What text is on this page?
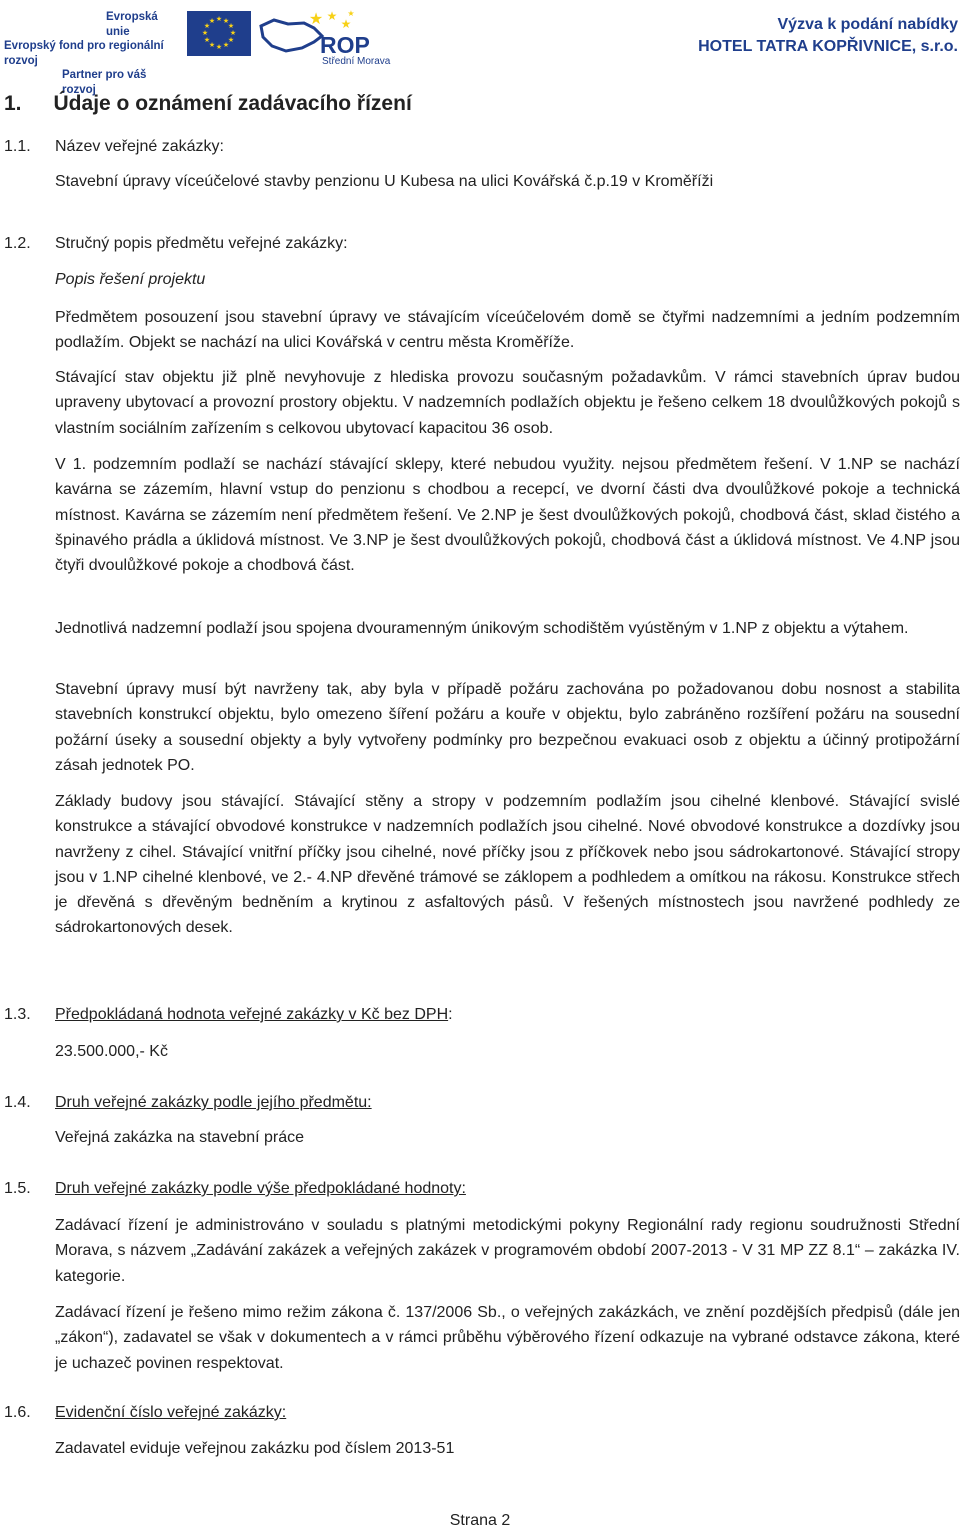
Evropská unie
Evropský fond pro regionální rozvoj
Partner pro váš rozvoj
★ ★
★
★
★
★
★
★
★
★
★
★	★ ★
★
★
ROP
Střední Morava
Výzva k podání nabídky
HOTEL TATRA KOPŘIVNICE, s.r.o.
1. Údaje o oznámení zadávacího řízení
1.1. Název veřejné zakázky:
Stavební úpravy víceúčelové stavby penzionu U Kubesa na ulici Kovářská č.p.19 v Kroměříži
1.2. Stručný popis předmětu veřejné zakázky:
Popis řešení projektu
Předmětem posouzení jsou stavební úpravy ve stávajícím víceúčelovém domě se čtyřmi nadzemními a jedním podzemním podlažím. Objekt se nachází na ulici Kovářská v centru města Kroměříže.
Stávající stav objektu již plně nevyhovuje z hlediska provozu současným požadavkům. V rámci stavebních úprav budou upraveny ubytovací a provozní prostory objektu. V nadzemních podlažích objektu je řešeno celkem 18 dvoulůžkových pokojů s vlastním sociálním zařízením s celkovou ubytovací kapacitou 36 osob.
V 1. podzemním podlaží se nachází stávající sklepy, které nebudou využity. nejsou předmětem řešení. V 1.NP se nachází kavárna se zázemím, hlavní vstup do penzionu s chodbou a recepcí, ve dvorní části dva dvoulůžkové pokoje a technická místnost. Kavárna se zázemím není předmětem řešení. Ve 2.NP je šest dvoulůžkových pokojů, chodbová část, sklad čistého a špinavého prádla a úklidová místnost. Ve 3.NP je šest dvoulůžkových pokojů, chodbová část a úklidová místnost. Ve 4.NP jsou čtyři dvoulůžkové pokoje a chodbová část.
Jednotlivá nadzemní podlaží jsou spojena dvouramenným únikovým schodištěm vyústěným v 1.NP z objektu a výtahem.
Stavební úpravy musí být navrženy tak, aby byla v případě požáru zachována po požadovanou dobu nosnost a stabilita stavebních konstrukcí objektu, bylo omezeno šíření požáru a kouře v objektu, bylo zabráněno rozšíření požáru na sousední požární úseky a sousední objekty a byly vytvořeny podmínky pro bezpečnou evakuaci osob z objektu a účinný protipožární zásah jednotek PO.
Základy budovy jsou stávající. Stávající stěny a stropy v podzemním podlažím jsou cihelné klenbové. Stávající svislé konstrukce a stávající obvodové konstrukce v nadzemních podlažích jsou cihelné. Nové obvodové konstrukce a dozdívky jsou navrženy z cihel. Stávající vnitřní příčky jsou cihelné, nové příčky jsou z příčkovek nebo jsou sádrokartonové. Stávající stropy jsou v 1.NP cihelné klenbové, ve 2.- 4.NP dřevěné trámové se záklopem a podhledem a omítkou na rákosu. Konstrukce střech je dřevěná s dřevěným bedněním a krytinou z asfaltových pásů. V řešených místnostech jsou navržené podhledy ze sádrokartonových desek.
1.3. Předpokládaná hodnota veřejné zakázky v Kč bez DPH:
23.500.000,- Kč
1.4. Druh veřejné zakázky podle jejího předmětu:
Veřejná zakázka na stavební práce
1.5. Druh veřejné zakázky podle výše předpokládané hodnoty:
Zadávací řízení je administrováno v souladu s platnými metodickými pokyny Regionální rady regionu soudružnosti Střední Morava, s názvem „Zadávání zakázek a veřejných zakázek v programovém období 2007-2013 - V 31 MP ZZ 8.1“ – zakázka IV. kategorie.
Zadávací řízení je řešeno mimo režim zákona č. 137/2006 Sb., o veřejných zakázkách, ve znění pozdějších předpisů (dále jen „zákon“), zadavatel se však v dokumentech a v rámci průběhu výběrového řízení odkazuje na vybrané odstavce zákona, které je uchazeč povinen respektovat.
1.6. Evidenční číslo veřejné zakázky:
Zadavatel eviduje veřejnou zakázku pod číslem 2013-51
Strana 2
